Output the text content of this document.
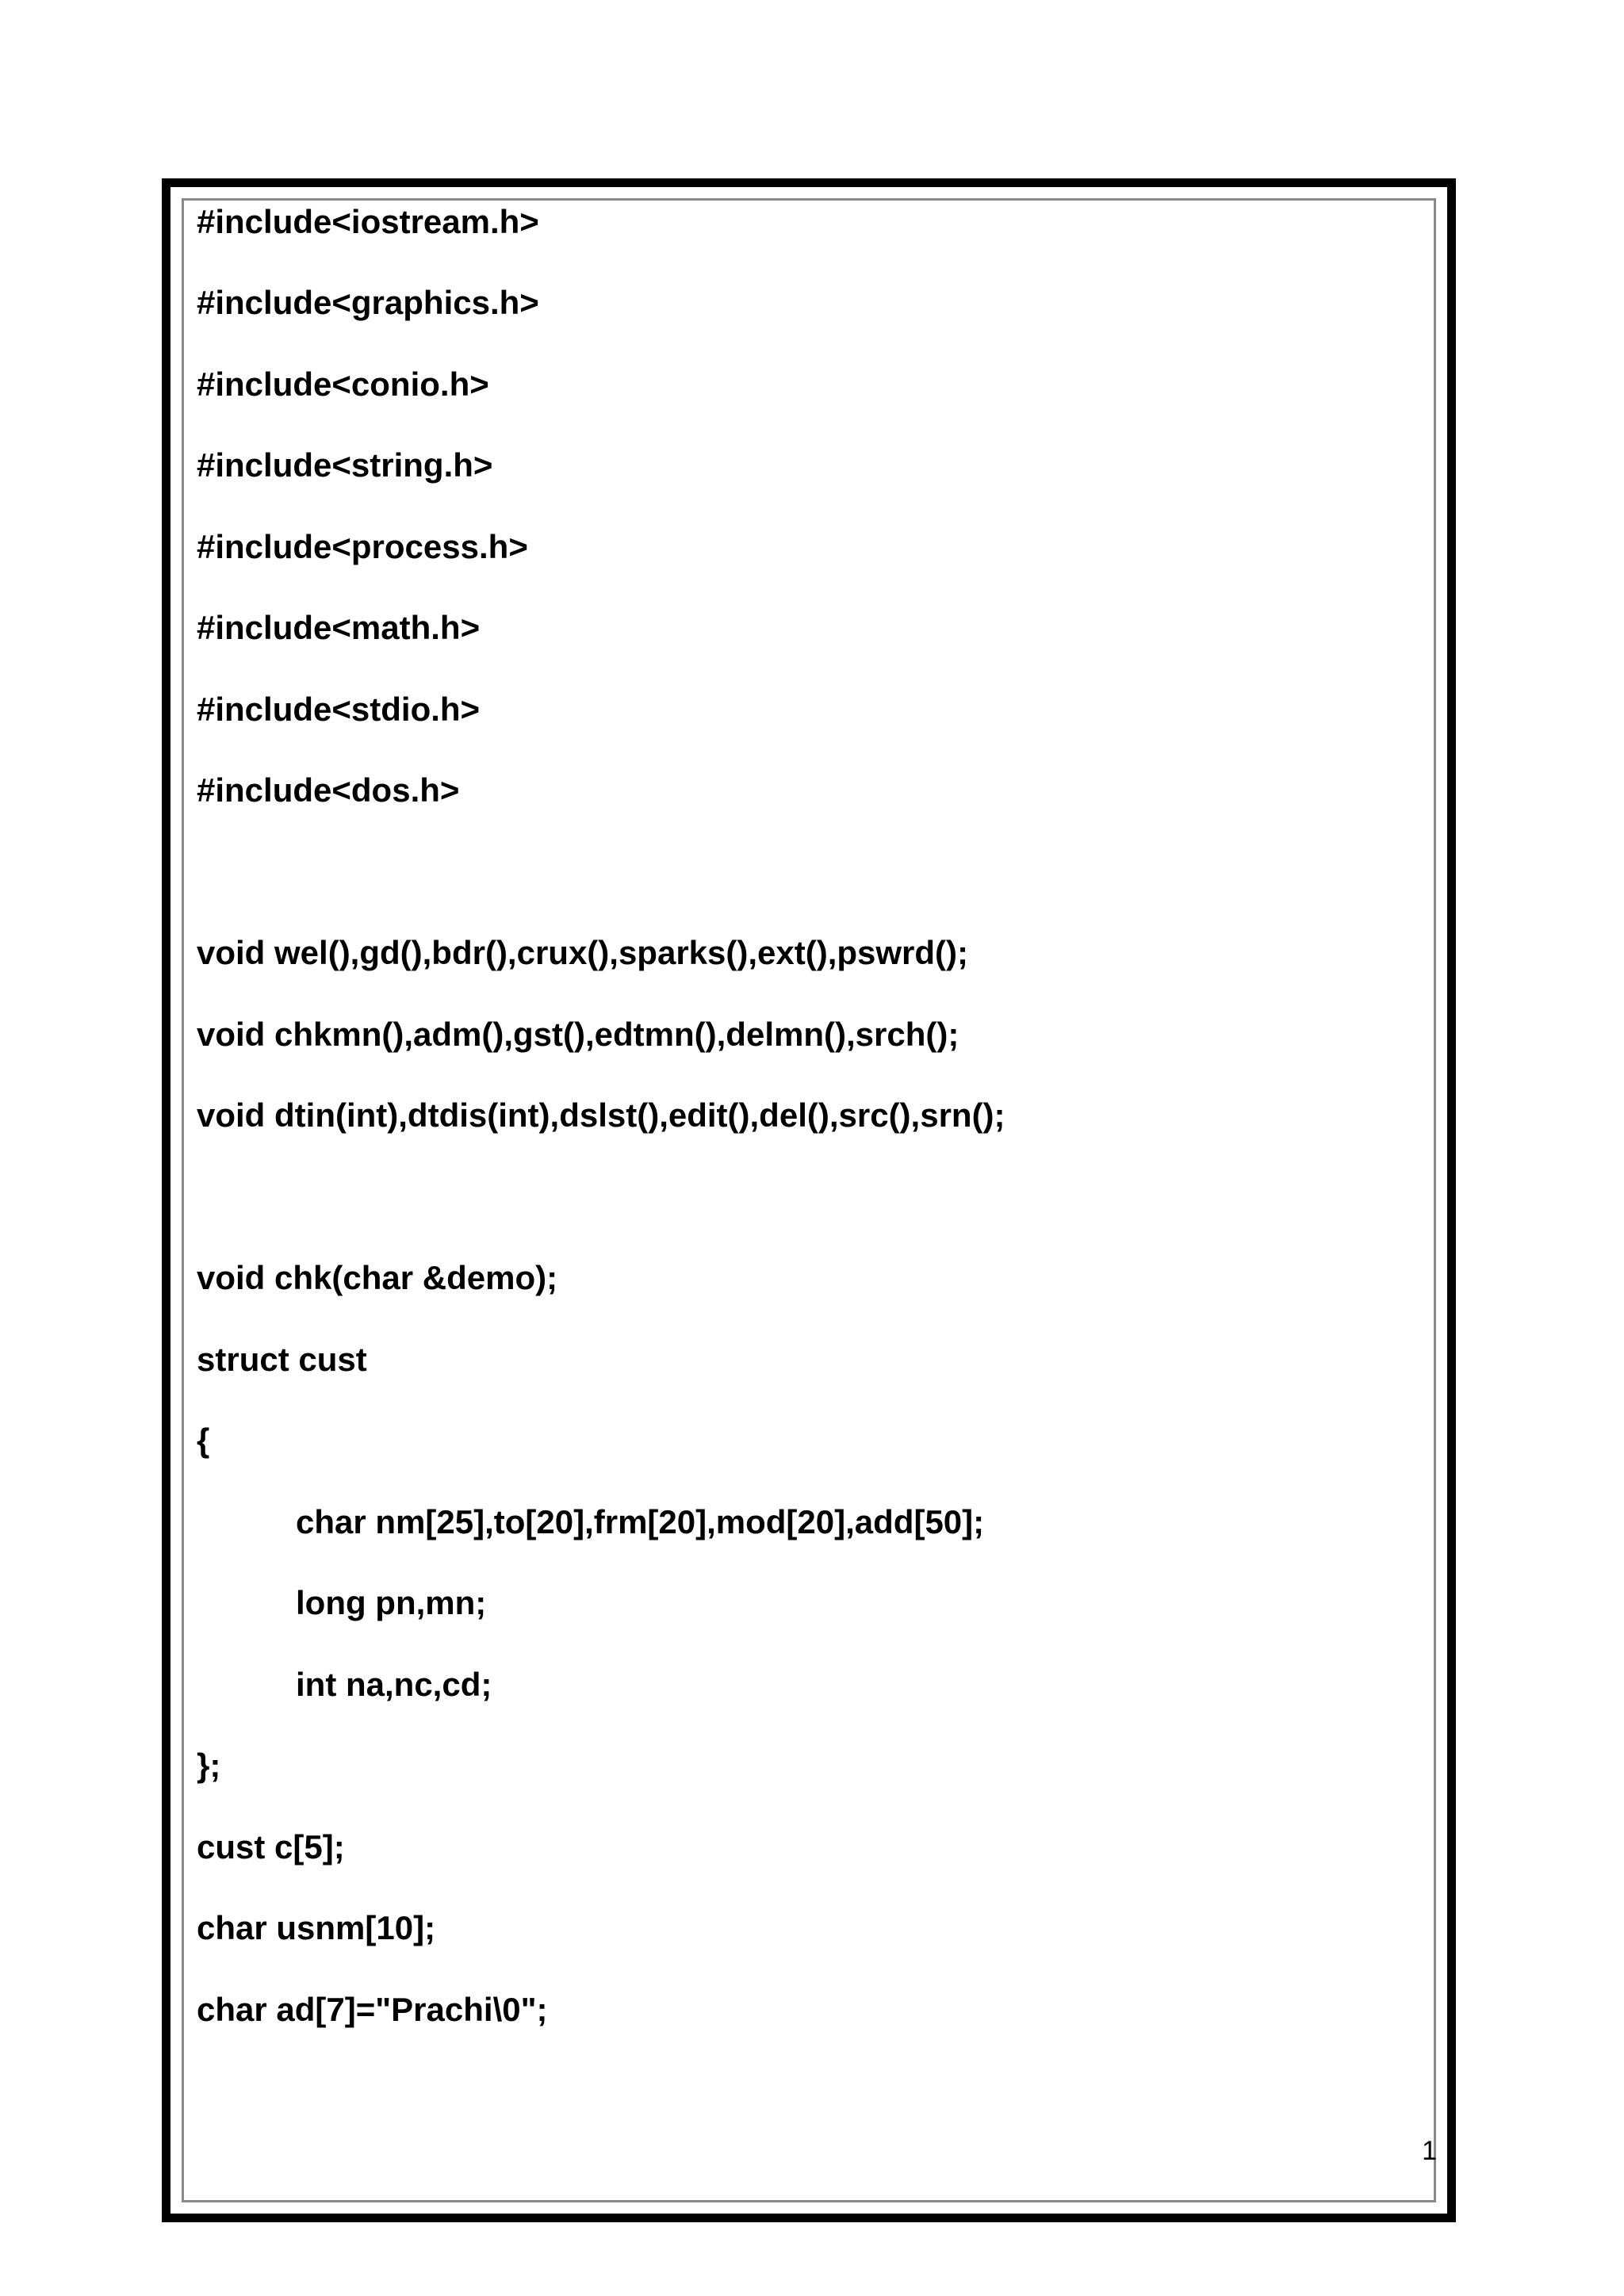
#include<iostream.h>
#include<graphics.h>
#include<conio.h>
#include<string.h>
#include<process.h>
#include<math.h>
#include<stdio.h>
#include<dos.h>
void wel(),gd(),bdr(),crux(),sparks(),ext(),pswrd();
void chkmn(),adm(),gst(),edtmn(),delmn(),srch();
void dtin(int),dtdis(int),dslst(),edit(),del(),src(),srn();
void chk(char &demo);
struct cust
{
char nm[25],to[20],frm[20],mod[20],add[50];
long pn,mn;
int na,nc,cd;
};
cust c[5];
char usnm[10];
char ad[7]="Prachi\0";
1
